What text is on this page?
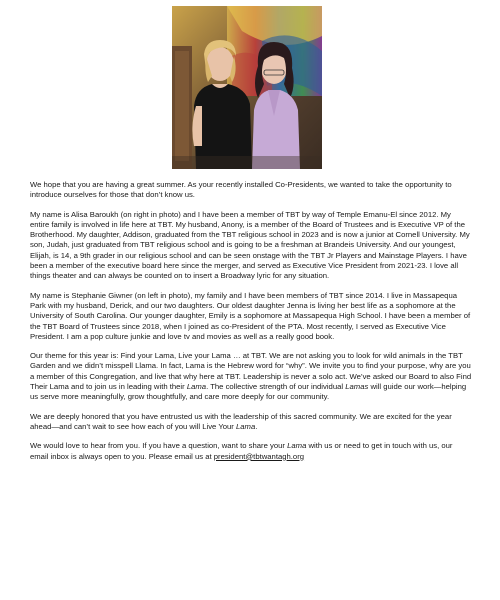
We hope that you are having a great summer. As your recently installed Co-Presidents, we wanted to take the opportunity to introduce ourselves for those that don’t know us.

My name is Alisa Baroukh (on right in photo) and I have been a member of TBT by way of Temple Emanu-El since 2012. My entire family is involved in life here at TBT. My husband, Anony, is a member of the Board of Trustees and is Executive VP of the Brotherhood. My daughter, Addison, graduated from the TBT religious school in 2023 and is now a junior at Cornell University. My son, Judah, just graduated from TBT religious school and is going to be a freshman at Brandeis University. And our youngest, Elijah, is 14, a 9th grader in our religious school and can be seen onstage with the TBT Jr Players and Mainstage Players. I have been a member of the executive board here since the merger, and served as Executive Vice President from 2021-23. I love all things theater and can always be counted on to insert a Broadway lyric for any situation.

My name is Stephanie Giwner (on left in photo), my family and I have been members of TBT since 2014. I live in Massapequa Park with my husband, Derick, and our two daughters. Our oldest daughter Jenna is living her best life as a sophomore at the University of South Carolina. Our younger daughter, Emily is a sophomore at Massapequa High School. I have been a member of the TBT Board of Trustees since 2018, when I joined as co-President of the PTA. Most recently, I served as Executive Vice President. I am a pop culture junkie and love tv and movies as well as a really good book.

Our theme for this year is: Find your Lama, Live your Lama … at TBT. We are not asking you to look for wild animals in the TBT Garden and we didn’t misspell Llama. In fact, Lama is the Hebrew word for “why”. We invite you to find your purpose, why are you a member of this Congregation, and live that why here at TBT. Leadership is never a solo act. We’ve asked our Board to also Find Their Lama and to join us in leading with their Lama. The collective strength of our individual Lamas will guide our work—helping us serve more meaningfully, grow thoughtfully, and care more deeply for our community.

We are deeply honored that you have entrusted us with the leadership of this sacred community. We are excited for the year ahead—and can’t wait to see how each of you will Live Your Lama.

We would love to hear from you. If you have a question, want to share your Lama with us or need to get in touch with us, our email inbox is always open to you. Please email us at president@tbtwantagh.org
